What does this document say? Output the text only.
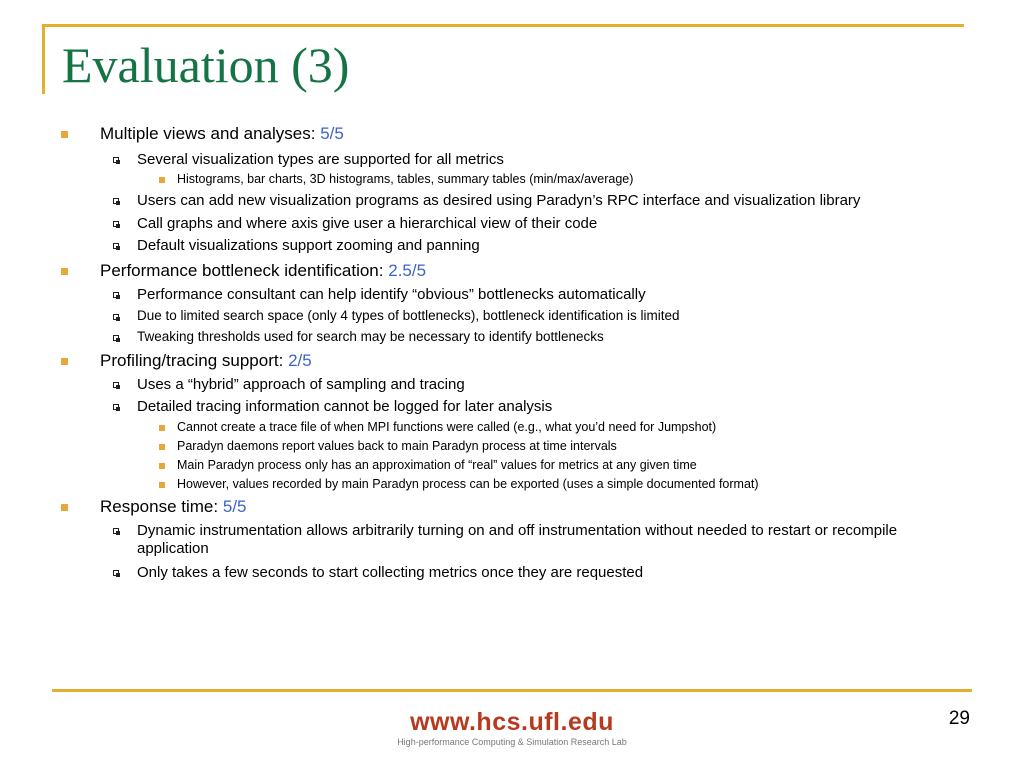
Evaluation (3)
Multiple views and analyses: 5/5
Several visualization types are supported for all metrics
Histograms, bar charts, 3D histograms, tables, summary tables (min/max/average)
Users can add new visualization programs as desired using Paradyn’s RPC interface and visualization library
Call graphs and where axis give user a hierarchical view of their code
Default visualizations support zooming and panning
Performance bottleneck identification: 2.5/5
Performance consultant can help identify “obvious” bottlenecks automatically
Due to limited search space (only 4 types of bottlenecks), bottleneck identification is limited
Tweaking thresholds used for search may be necessary to identify bottlenecks
Profiling/tracing support: 2/5
Uses a “hybrid” approach of sampling and tracing
Detailed tracing information cannot be logged for later analysis
Cannot create a trace file of when MPI functions were called (e.g., what you’d need for Jumpshot)
Paradyn daemons report values back to main Paradyn process at time intervals
Main Paradyn process only has an approximation of “real” values for metrics at any given time
However, values recorded by main Paradyn process can be exported (uses a simple documented format)
Response time: 5/5
Dynamic instrumentation allows arbitrarily turning on and off instrumentation without needed to restart or recompile application
Only takes a few seconds to start collecting metrics once they are requested
www.hcs.ufl.edu
High-performance Computing & Simulation Research Lab
29
